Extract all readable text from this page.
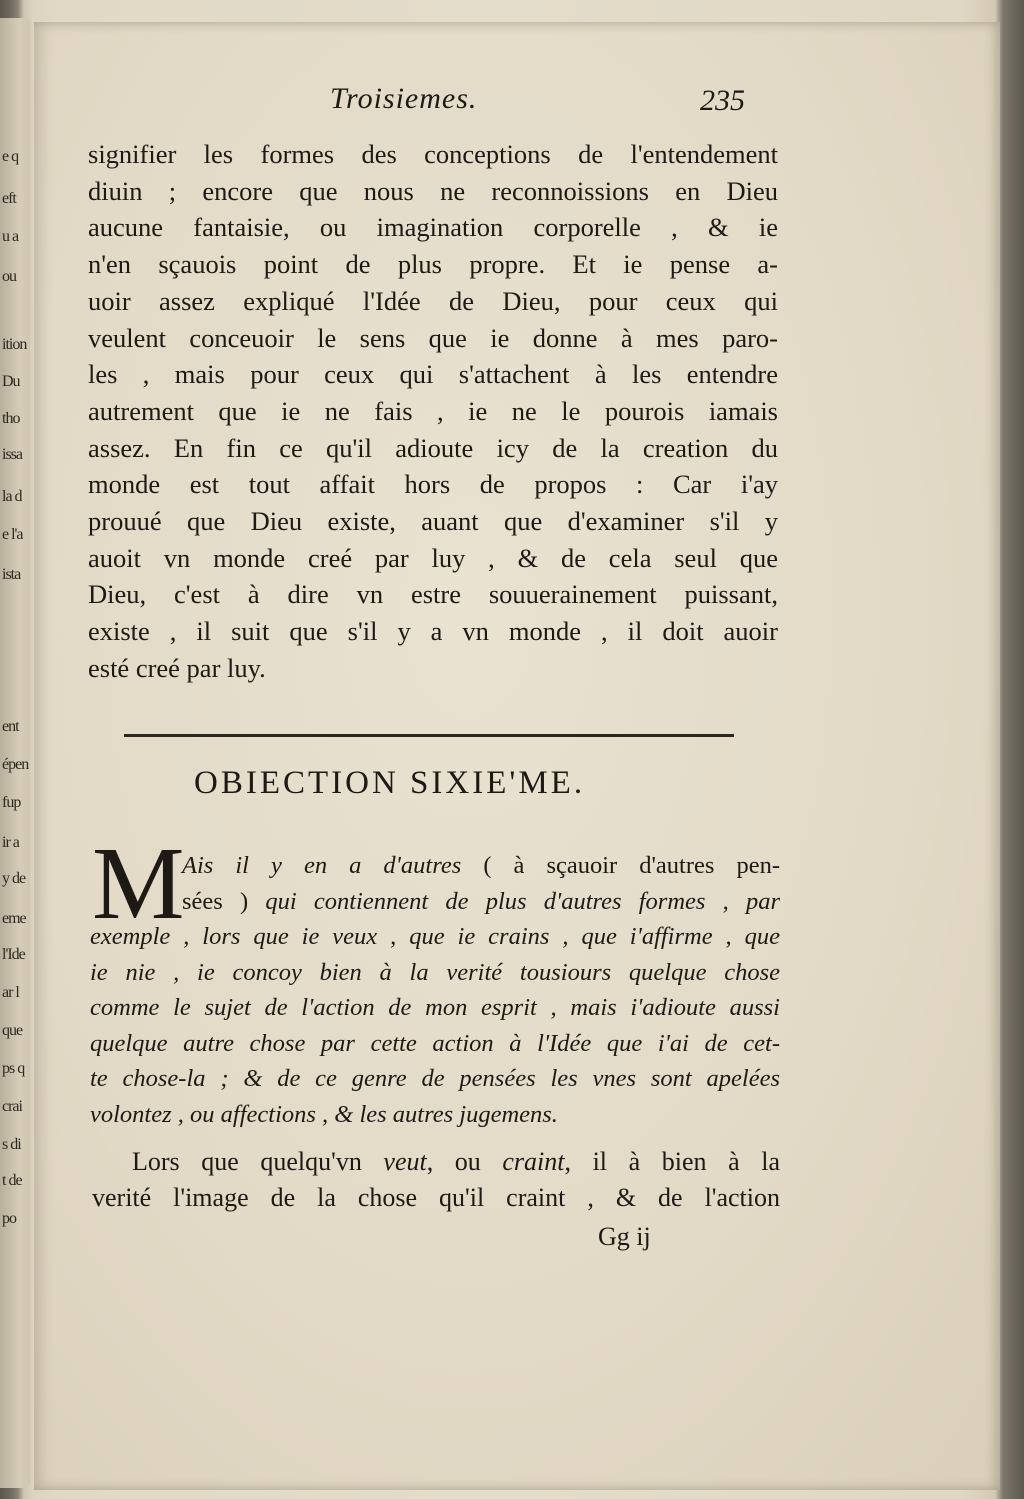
e q
eft
u a
ou
ition
Du
tho
issa
la d
e l'a
ista
ent
épen
fup
ir a
y de
eme
l'Ide
ar l
que
ps q
crai
s di
t de
po
Troisiemes.	235
signifier les formes des conceptions de l'entendement
diuin ; encore que nous ne reconnoissions en Dieu
aucune fantaisie, ou imagination corporelle , & ie
n'en sçauois point de plus propre. Et ie pense a-
uoir assez expliqué l'Idée de Dieu, pour ceux qui
veulent conceuoir le sens que ie donne à mes paro-
les , mais pour ceux qui s'attachent à les entendre
autrement que ie ne fais , ie ne le pourois iamais
assez. En fin ce qu'il adioute icy de la creation du
monde est tout affait hors de propos : Car i'ay
prouué que Dieu existe, auant que d'examiner s'il y
auoit vn monde creé par luy , & de cela seul que
Dieu, c'est à dire vn estre souuerainement puissant,
existe , il suit que s'il y a vn monde , il doit auoir
esté creé par luy.
OBIECTION SIXIE'ME.
M
Ais il y en a d'autres ( à sçauoir d'autres pen-
sées ) qui contiennent de plus d'autres formes , par
exemple , lors que ie veux , que ie crains , que i'affirme , que
ie nie , ie concoy bien à la verité tousiours quelque chose
comme le sujet de l'action de mon esprit , mais i'adioute aussi
quelque autre chose par cette action à l'Idée que i'ai de cet-
te chose-la ; & de ce genre de pensées les vnes sont apelées
volontez , ou affections , & les autres jugemens.
Lors que quelqu'vn veut, ou craint, il à bien à la
verité l'image de la chose qu'il craint , & de l'action
Gg ij
